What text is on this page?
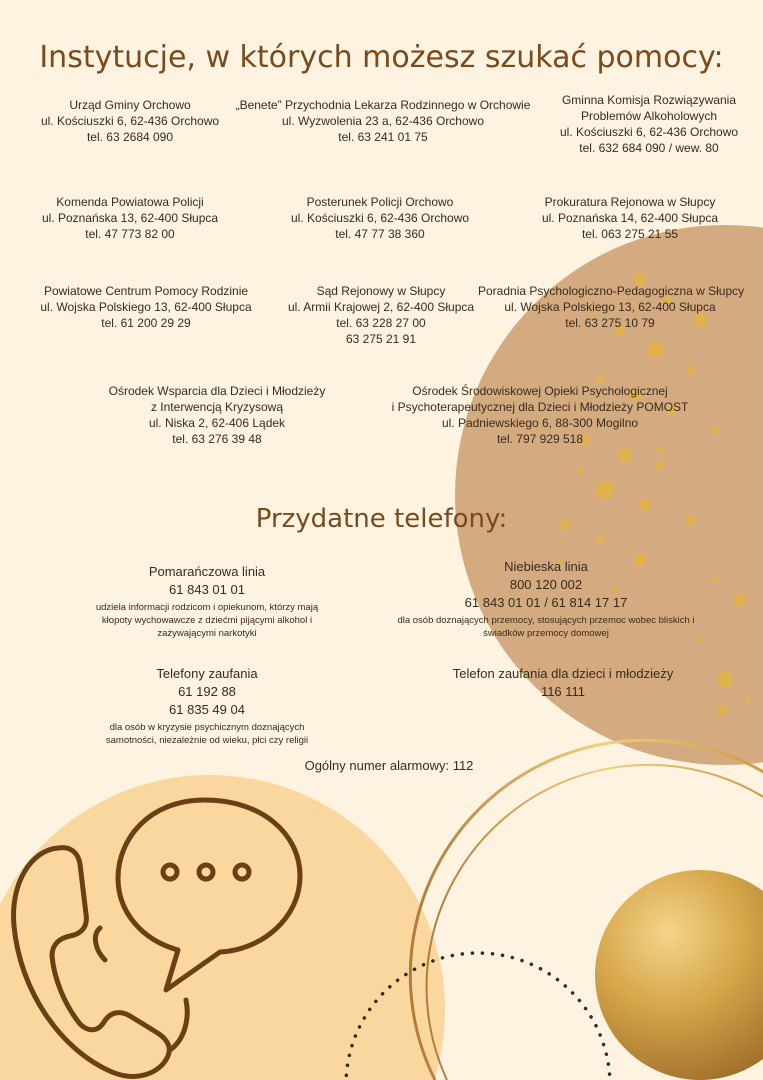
Instytucje, w których możesz szukać pomocy:
Urząd Gminy Orchowo
ul. Kościuszki 6, 62-436 Orchowo
tel. 63 2684 090
„Benete” Przychodnia Lekarza Rodzinnego w Orchowie
ul. Wyzwolenia 23 a, 62-436 Orchowo
tel. 63 241 01 75
Gminna Komisja Rozwiązywania
Problemów Alkoholowych
ul. Kościuszki 6, 62-436 Orchowo
tel. 632 684 090 / wew. 80
Komenda Powiatowa Policji
ul. Poznańska 13, 62-400 Słupca
tel. 47 773 82 00
Posterunek Policji Orchowo
ul. Kościuszki 6, 62-436 Orchowo
tel. 47 77 38 360
Prokuratura Rejonowa w Słupcy
ul. Poznańska 14, 62-400 Słupca
tel. 063 275 21 55
Powiatowe Centrum Pomocy Rodzinie
ul. Wojska Polskiego 13, 62-400 Słupca
tel. 61 200 29 29
Sąd Rejonowy w Słupcy
ul. Armii Krajowej 2, 62-400 Słupca
tel. 63 228 27 00
63 275 21 91
Poradnia Psychologiczno-Pedagogiczna w Słupcy
ul. Wojska Polskiego 13, 62-400 Słupca
tel. 63 275 10 79
Ośrodek Wsparcia dla Dzieci i Młodzieży
z Interwencją Kryzysową
ul. Niska 2, 62-406 Lądek
tel. 63 276 39 48
Ośrodek Środowiskowej Opieki Psychologicznej
i Psychoterapeutycznej dla Dzieci i Młodzieży POMOST
ul. Padniewskiego 6, 88-300 Mogilno
tel. 797 929 518
Przydatne telefony:
Pomarańczowa linia
61 843 01 01
udziela informacji rodzicom i opiekunom, którzy mają
kłopoty wychowawcze z dziećmi pijącymi alkohol i
zażywającymi narkotyki
Niebieska linia
800 120 002
61 843 01 01 / 61 814 17 17
dla osób doznających przemocy, stosujących przemoc wobec bliskich i
świadków przemocy domowej
Telefony zaufania
61 192 88
61 835 49 04
dla osób w kryzysie psychicznym doznających
samotności, niezależnie od wieku, płci czy religii
Telefon zaufania dla dzieci i młodzieży
116 111
Ogólny numer alarmowy: 112
